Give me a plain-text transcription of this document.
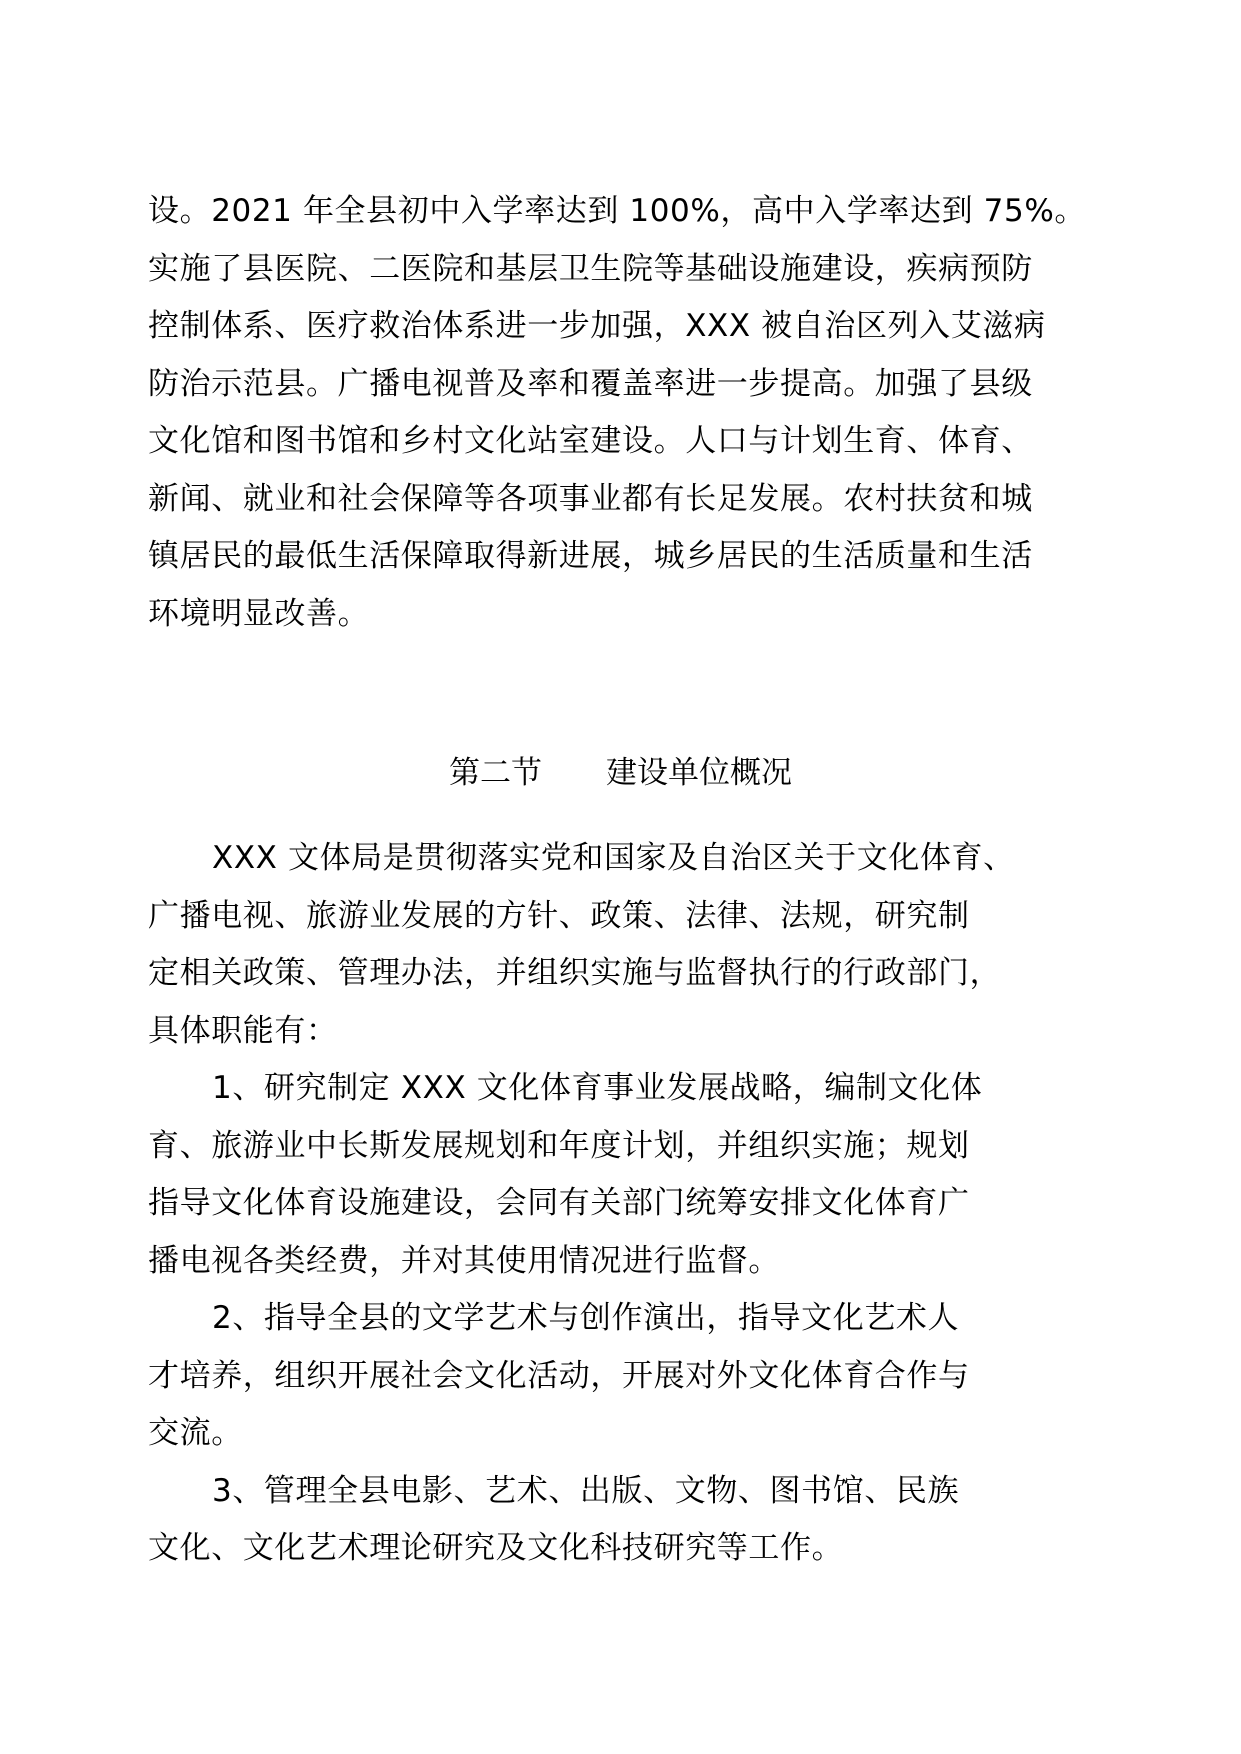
设。2021 年全县初中入学率达到 100%，高中入学率达到 75%。
实施了县医院、二医院和基层卫生院等基础设施建设，疾病预防
控制体系、医疗救治体系进一步加强，XXX 被自治区列入艾滋病
防治示范县。广播电视普及率和覆盖率进一步提高。加强了县级
文化馆和图书馆和乡村文化站室建设。人口与计划生育、体育、
新闻、就业和社会保障等各项事业都有长足发展。农村扶贫和城
镇居民的最低生活保障取得新进展，城乡居民的生活质量和生活
环境明显改善。
第二节 建设单位概况
XXX 文体局是贯彻落实党和国家及自治区关于文化体育、
广播电视、旅游业发展的方针、政策、法律、法规，研究制
定相关政策、管理办法，并组织实施与监督执行的行政部门，
具体职能有：
1、研究制定 XXX 文化体育事业发展战略，编制文化体
育、旅游业中长斯发展规划和年度计划，并组织实施；规划
指导文化体育设施建设，会同有关部门统筹安排文化体育广
播电视各类经费，并对其使用情况进行监督。
2、指导全县的文学艺术与创作演出，指导文化艺术人
才培养，组织开展社会文化活动，开展对外文化体育合作与
交流。
3、管理全县电影、艺术、出版、文物、图书馆、民族
文化、文化艺术理论研究及文化科技研究等工作。
